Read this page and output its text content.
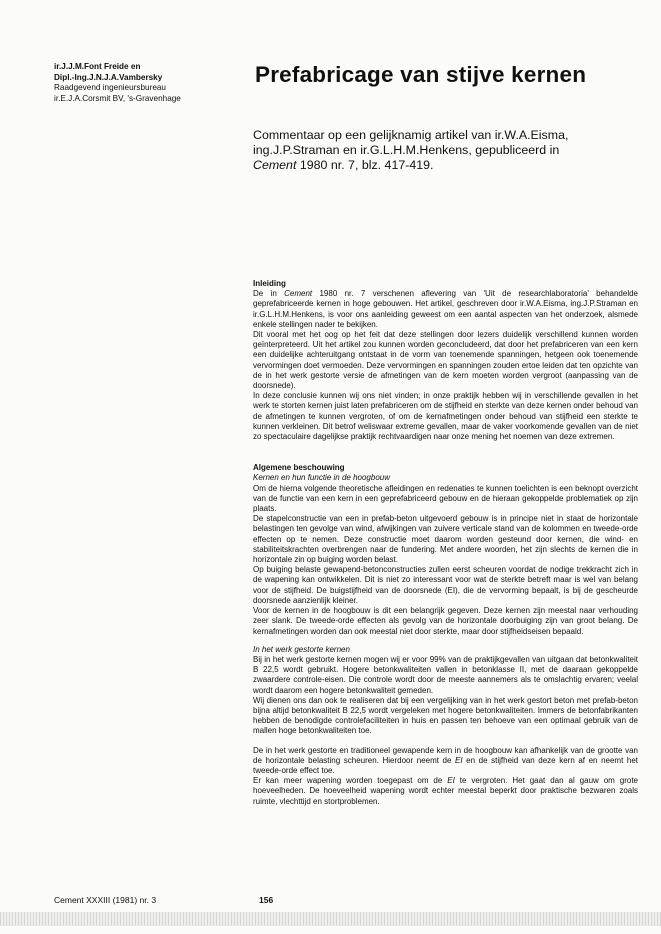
ir.J.J.M.Font Freide en
Dipl.-Ing.J.N.J.A.Vambersky
Raadgevend ingenieursbureau
ir.E.J.A.Corsmit BV, 's-Gravenhage
Prefabricage van stijve kernen
Commentaar op een gelijknamig artikel van ir.W.A.Eisma,
ing.J.P.Straman en ir.G.L.H.M.Henkens, gepubliceerd in
Cement 1980 nr. 7, blz. 417-419.

Inleiding

De in Cement 1980 nr. 7 verschenen aflevering van 'Uit de researchlaboratoria' behandelde geprefabriceerde kernen in hoge gebouwen. Het artikel, geschreven door ir.W.A.Eisma, ing.J.P.Straman en ir.G.L.H.M.Henkens, is voor ons aanleiding geweest om een aantal aspecten van het onderzoek, alsmede enkele stellingen nader te bekijken.

Dit vooral met het oog op het feit dat deze stellingen door lezers duidelijk verschillend kunnen worden geïnterpreteerd. Uit het artikel zou kunnen worden geconcludeerd, dat door het prefabriceren van een kern een duidelijke achteruitgang ontstaat in de vorm van toenemende spanningen, hetgeen ook toenemende vervormingen doet vermoeden. Deze vervormingen en spanningen zouden ertoe leiden dat ten opzichte van de in het werk gestorte versie de afmetingen van de kern moeten worden vergroot (aanpassing van de doorsnede).

In deze conclusie kunnen wij ons niet vinden; in onze praktijk hebben wij in verschillende gevallen in het werk te storten kernen juist laten prefabriceren om de stijfheid en sterkte van deze kernen onder behoud van de afmetingen te kunnen vergroten, of om de kernafmetingen onder behoud van stijfheid een sterkte te kunnen verkleinen. Dit betrof weliswaar extreme gevallen, maar de vaker voorkomende gevallen van de niet zo spectaculaire dagelijkse praktijk rechtvaardigen naar onze mening het noemen van deze extremen.

Algemene beschouwing

Kernen en hun functie in de hoogbouw

Om de hierna volgende theoretische afleidingen en redenaties te kunnen toelichten is een beknopt overzicht van de functie van een kern in een geprefabriceerd gebouw en de hieraan gekoppelde problematiek op zijn plaats.

De stapelconstructie van een in prefab-beton uitgevoerd gebouw is in principe niet in staat de horizontale belastingen ten gevolge van wind, afwijkingen van zuivere verticale stand van de kolommen en tweede-orde effecten op te nemen. Deze constructie moet daarom worden gesteund door kernen, die wind- en stabiliteitskrachten overbrengen naar de fundering. Met andere woorden, het zijn slechts de kernen die in horizontale zin op buiging worden belast.

Op buiging belaste gewapend-betonconstructies zullen eerst scheuren voordat de nodige trekkracht zich in de wapening kan ontwikkelen. Dit is niet zo interessant voor wat de sterkte betreft maar is wel van belang voor de stijfheid. De buigstijfheid van de doorsnede (EI), die de vervorming bepaalt, is bij de gescheurde doorsnede aanzienlijk kleiner.

Voor de kernen in de hoogbouw is dit een belangrijk gegeven. Deze kernen zijn meestal naar verhouding zeer slank. De tweede-orde effecten als gevolg van de horizontale doorbuiging zijn van groot belang. De kernafmetingen worden dan ook meestal niet door sterkte, maar door stijfheidseisen bepaald.

In het werk gestorte kernen

Bij in het werk gestorte kernen mogen wij er voor 99% van de praktijkgevallen van uitgaan dat betonkwaliteit B 22,5 wordt gebruikt. Hogere betonkwaliteiten vallen in betonklasse II, met de daaraan gekoppelde zwaardere controle-eisen. Die controle wordt door de meeste aannemers als te omslachtig ervaren; veelal wordt daarom een hogere betonkwaliteit gemeden.

Wij dienen ons dan ook te realiseren dat bij een vergelijking van in het werk gestort beton met prefab-beton bijna altijd betonkwaliteit B 22,5 wordt vergeleken met hogere betonkwaliteiten. Immers de betonfabrikanten hebben de benodigde controlefaciliteiten in huis en passen ten behoeve van een optimaal gebruik van de mallen hoge betonkwaliteiten toe.

De in het werk gestorte en traditioneel gewapende kern in de hoogbouw kan afhankelijk van de grootte van de horizontale belasting scheuren. Hierdoor neemt de EI en de stijfheid van deze kern af en neemt het tweede-orde effect toe.

Er kan meer wapening worden toegepast om de EI te vergroten. Het gaat dan al gauw om grote hoeveelheden. De hoeveelheid wapening wordt echter meestal beperkt door praktische bezwaren zoals ruimte, vlechttijd en stortproblemen.

Cement XXXIII (1981) nr. 3	156
